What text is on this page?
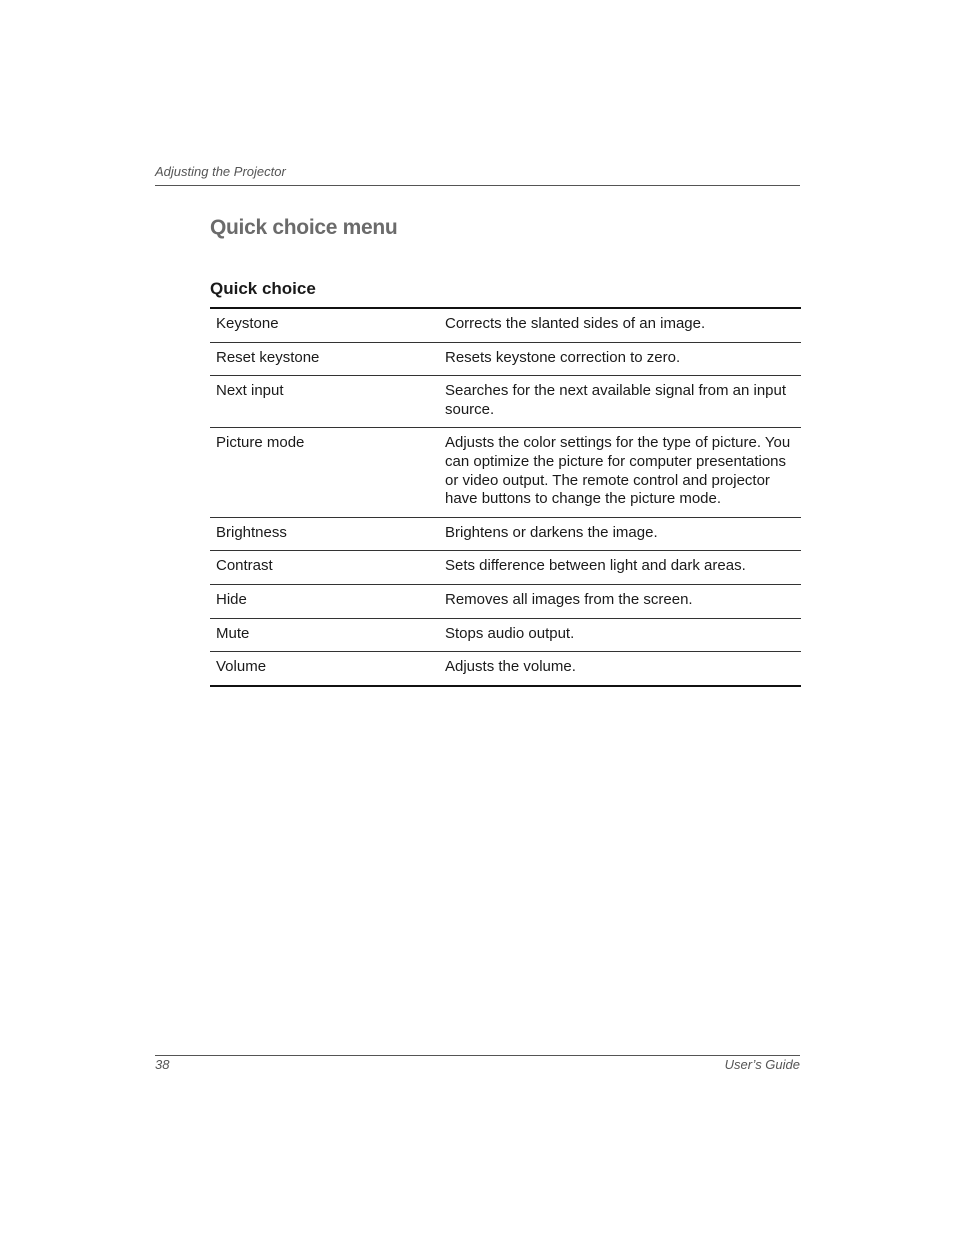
Adjusting the Projector
Quick choice menu
Quick choice
Keystone	Corrects the slanted sides of an image.
Reset keystone	Resets keystone correction to zero.
Next input	Searches for the next available signal from an input source.
Picture mode	Adjusts the color settings for the type of picture. You can optimize the picture for computer presentations or video output. The remote control and projector have buttons to change the picture mode.
Brightness	Brightens or darkens the image.
Contrast	Sets difference between light and dark areas.
Hide	Removes all images from the screen.
Mute	Stops audio output.
Volume	Adjusts the volume.
38	User’s Guide
